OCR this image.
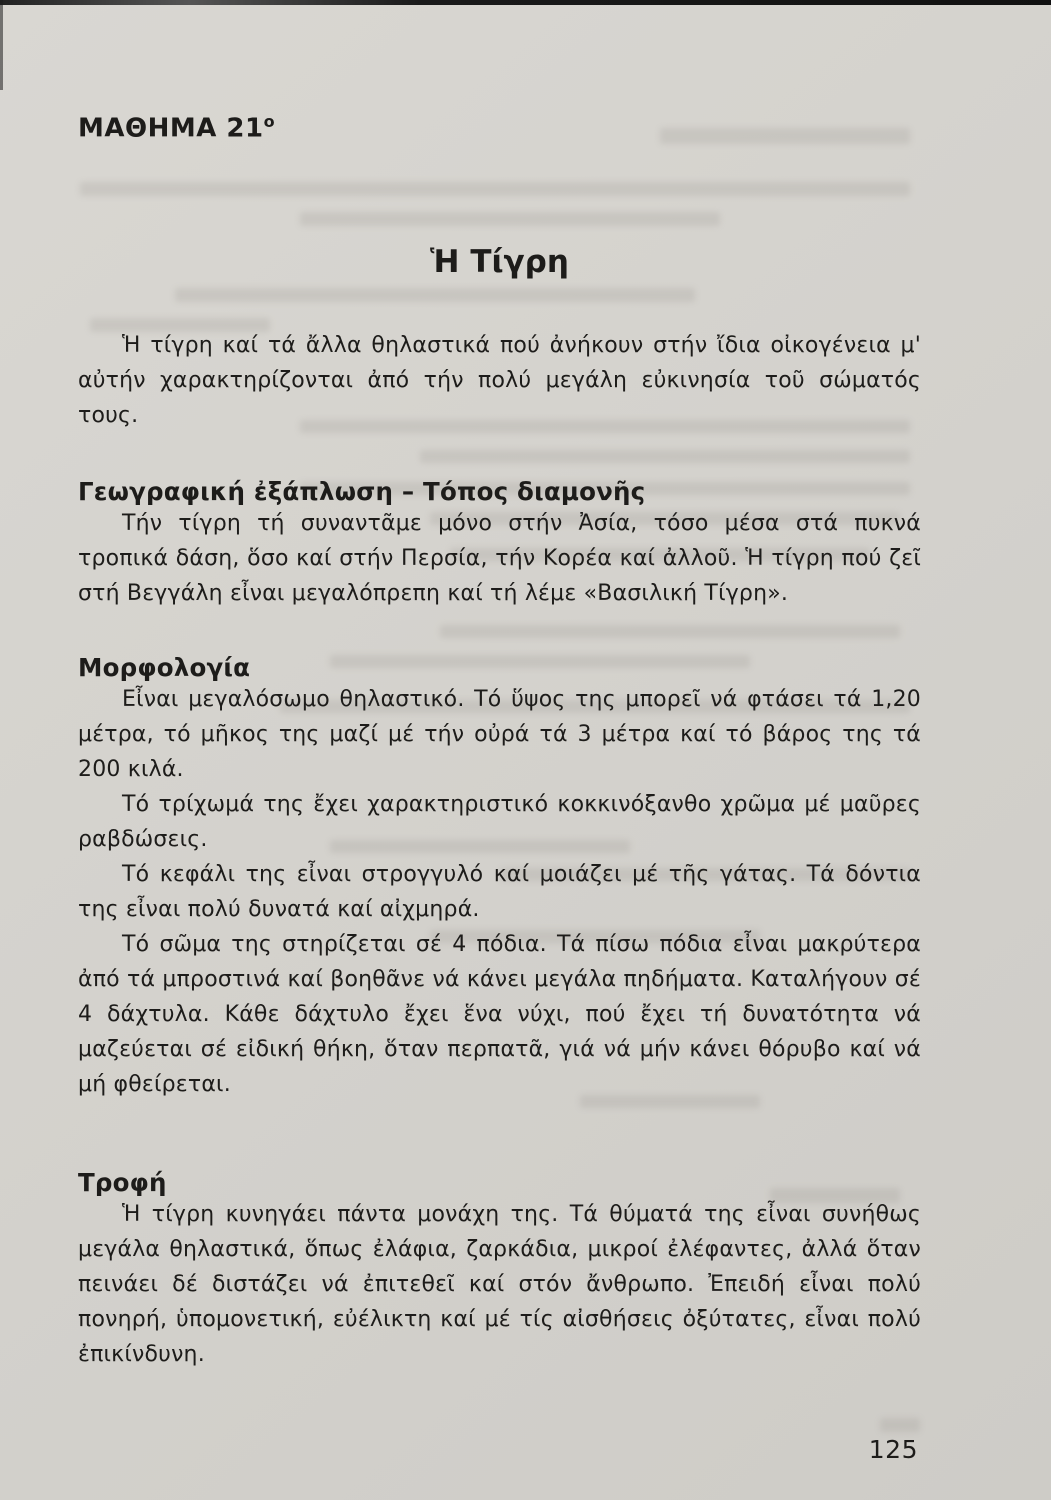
ΜΑΘΗΜΑ $21^o$
Ἡ Τίγρη

Ἡ τίγρη καί τά ἄλλα θηλαστικά πού ἀνήκουν στήν ἴδια οἰκογένεια μ' αὐτήν χαρακτηρίζονται ἀπό τήν πολύ μεγάλη εὐκινησία τοῦ σώματός τους.

Γεωγραφική ἐξάπλωση – Τόπος διαμονῆς

Τήν τίγρη τή συναντᾶμε μόνο στήν Ἀσία, τόσο μέσα στά πυκνά τροπικά δάση, ὅσο καί στήν Περσία, τήν Κορέα καί ἀλλοῦ. Ἡ τίγρη πού ζεῖ στή Βεγγάλη εἶναι μεγαλόπρεπη καί τή λέμε «Βασιλική Τίγρη».

Μορφολογία

Εἶναι μεγαλόσωμο θηλαστικό. Τό ὕψος της μπορεῖ νά φτάσει τά 1,20 μέτρα, τό μῆκος της μαζί μέ τήν οὐρά τά 3 μέτρα καί τό βάρος της τά 200 κιλά.

Τό τρίχωμά της ἔχει χαρακτηριστικό κοκκινόξανθο χρῶμα μέ μαῦρες ραβδώσεις.

Τό κεφάλι της εἶναι στρογγυλό καί μοιάζει μέ τῆς γάτας. Τά δόντια της εἶναι πολύ δυνατά καί αἰχμηρά.

Τό σῶμα της στηρίζεται σέ 4 πόδια. Τά πίσω πόδια εἶναι μακρύτερα ἀπό τά μπροστινά καί βοηθᾶνε νά κάνει μεγάλα πηδήματα. Καταλήγουν σέ 4 δάχτυλα. Κάθε δάχτυλο ἔχει ἕνα νύχι, πού ἔχει τή δυνατότητα νά μαζεύεται σέ εἰδική θήκη, ὅταν περπατᾶ, γιά νά μήν κάνει θόρυβο καί νά μή φθείρεται.

Τροφή

Ἡ τίγρη κυνηγάει πάντα μονάχη της. Τά θύματά της εἶναι συνήθως μεγάλα θηλαστικά, ὅπως ἐλάφια, ζαρκάδια, μικροί ἐλέφαντες, ἀλλά ὅταν πεινάει δέ διστάζει νά ἐπιτεθεῖ καί στόν ἄνθρωπο. Ἐπειδή εἶναι πολύ πονηρή, ὑπομονετική, εὐέλικτη καί μέ τίς αἰσθήσεις ὀξύτατες, εἶναι πολύ ἐπικίνδυνη.

125
